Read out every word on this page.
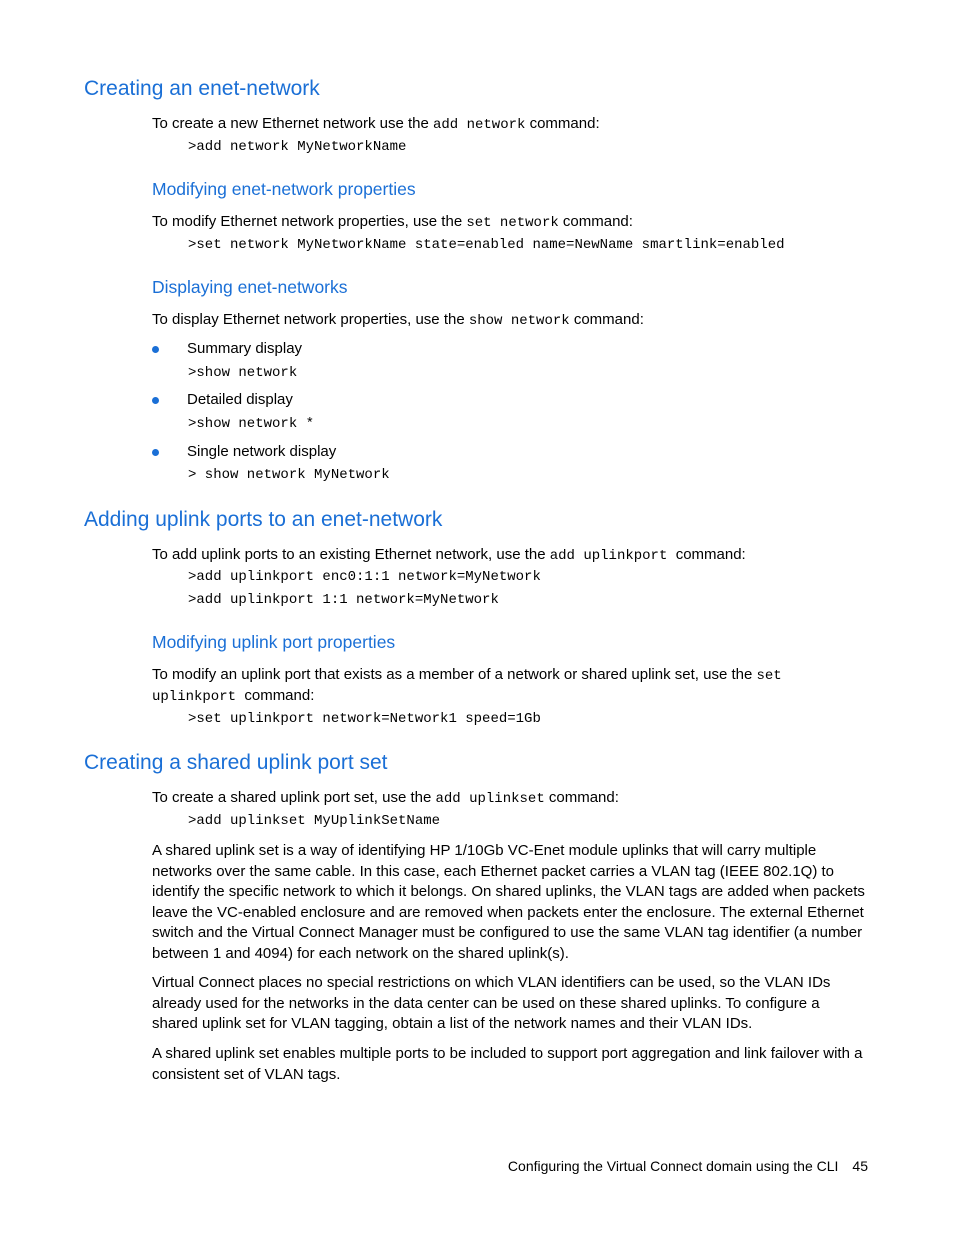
Creating an enet-network

To create a new Ethernet network use the add network command:

>add network MyNetworkName
Modifying enet-network properties

To modify Ethernet network properties, use the set network command:

>set network MyNetworkName state=enabled name=NewName smartlink=enabled
Displaying enet-networks

To display Ethernet network properties, use the show network command:

Summary display

>show network

Detailed display

>show network *

Single network display

> show network MyNetwork
Adding uplink ports to an enet-network

To add uplink ports to an existing Ethernet network, use the add uplinkport  command:

>add uplinkport enc0:1:1 network=MyNetwork
>add uplinkport 1:1 network=MyNetwork
Modifying uplink port properties

To modify an uplink port that exists as a member of a network or shared uplink set, use the set

uplinkport  command:

>set uplinkport network=Network1 speed=1Gb
Creating a shared uplink port set

To create a shared uplink port set, use the add uplinkset command:

>add uplinkset MyUplinkSetName

A shared uplink set is a way of identifying HP 1/10Gb VC-Enet module uplinks that will carry multiple networks over the same cable. In this case, each Ethernet packet carries a VLAN tag (IEEE 802.1Q) to identify the specific network to which it belongs. On shared uplinks, the VLAN tags are added when packets leave the VC-enabled enclosure and are removed when packets enter the enclosure. The external Ethernet switch and the Virtual Connect Manager must be configured to use the same VLAN tag identifier (a number between 1 and 4094) for each network on the shared uplink(s).

Virtual Connect places no special restrictions on which VLAN identifiers can be used, so the VLAN IDs already used for the networks in the data center can be used on these shared uplinks. To configure a shared uplink set for VLAN tagging, obtain a list of the network names and their VLAN IDs.

A shared uplink set enables multiple ports to be included to support port aggregation and link failover with a consistent set of VLAN tags.

Configuring the Virtual Connect domain using the CLI 45
